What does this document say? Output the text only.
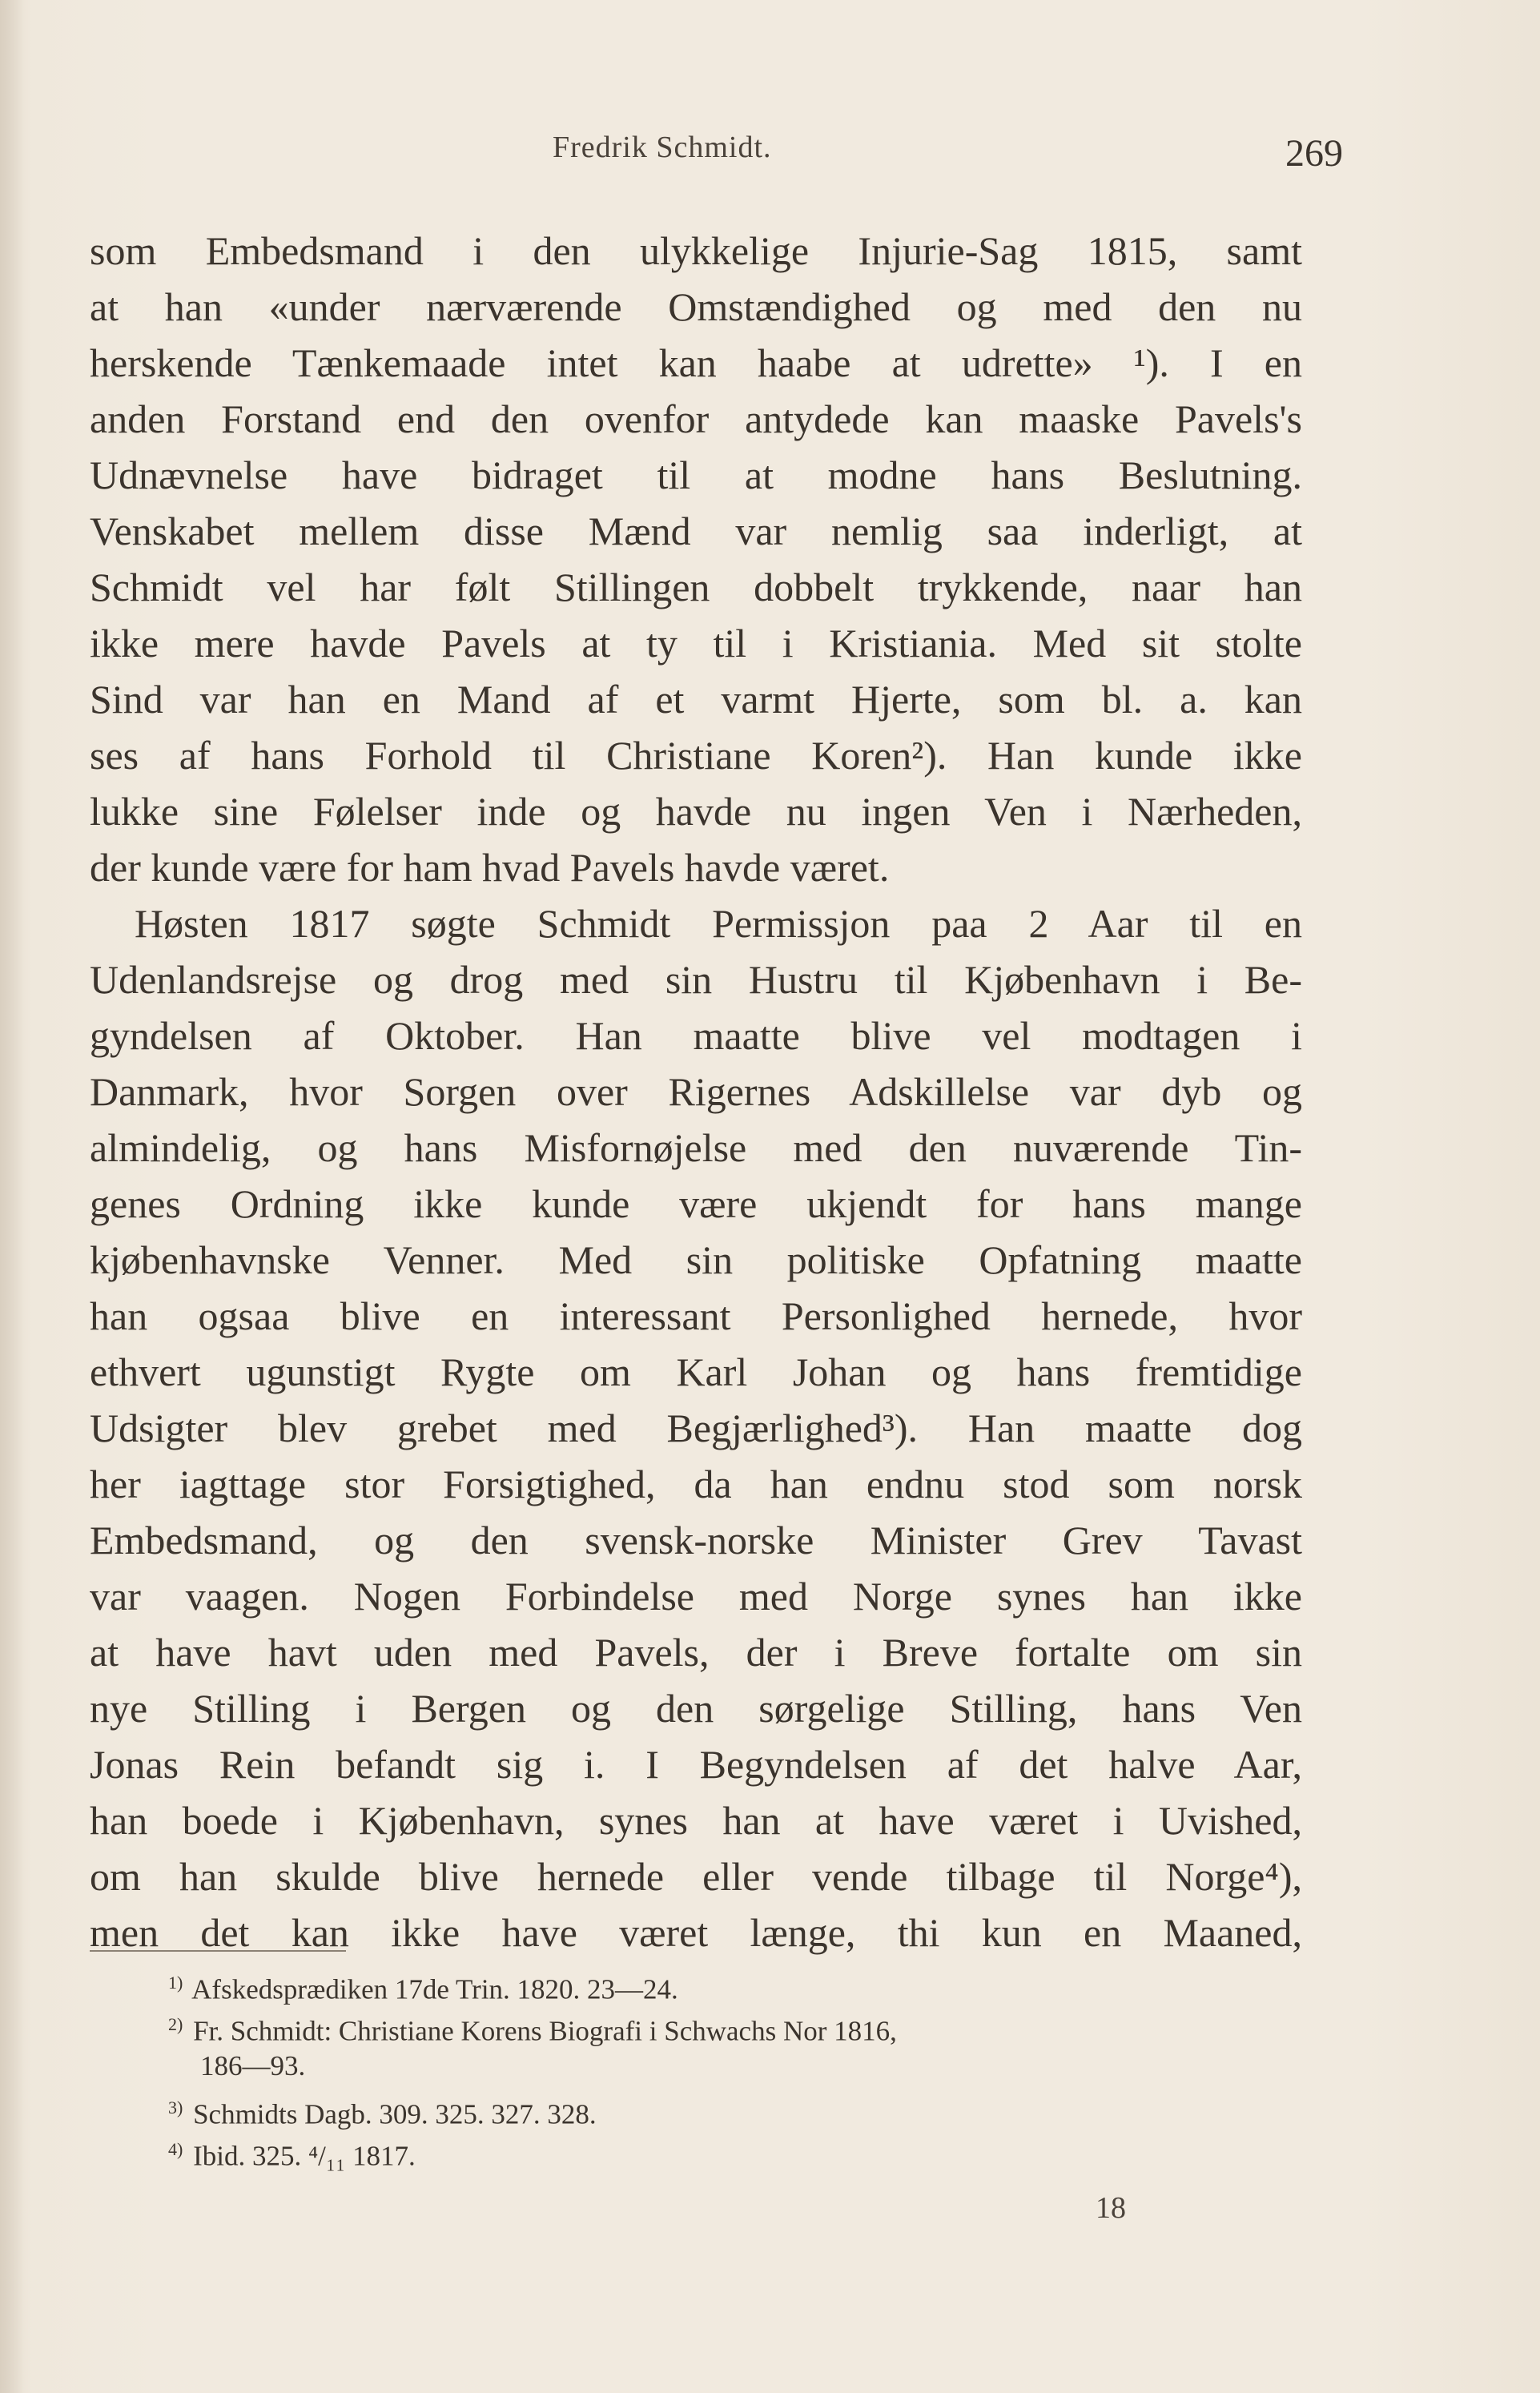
Fredrik Schmidt.	269
som Embedsmand i den ulykkelige Injurie-Sag 1815, samt
at han «under nærværende Omstændighed og med den nu
herskende Tænkemaade intet kan haabe at udrette» ¹). I en
anden Forstand end den ovenfor antydede kan maaske Pavels's
Udnævnelse have bidraget til at modne hans Beslutning.
Venskabet mellem disse Mænd var nemlig saa inderligt, at
Schmidt vel har følt Stillingen dobbelt trykkende, naar han
ikke mere havde Pavels at ty til i Kristiania. Med sit stolte
Sind var han en Mand af et varmt Hjerte, som bl. a. kan
ses af hans Forhold til Christiane Koren²). Han kunde ikke
lukke sine Følelser inde og havde nu ingen Ven i Nærheden,
der kunde være for ham hvad Pavels havde været.
Høsten 1817 søgte Schmidt Permissjon paa 2 Aar til en
Udenlandsrejse og drog med sin Hustru til Kjøbenhavn i Be-
gyndelsen af Oktober. Han maatte blive vel modtagen i
Danmark, hvor Sorgen over Rigernes Adskillelse var dyb og
almindelig, og hans Misfornøjelse med den nuværende Tin-
genes Ordning ikke kunde være ukjendt for hans mange
kjøbenhavnske Venner. Med sin politiske Opfatning maatte
han ogsaa blive en interessant Personlighed hernede, hvor
ethvert ugunstigt Rygte om Karl Johan og hans fremtidige
Udsigter blev grebet med Begjærlighed³). Han maatte dog
her iagttage stor Forsigtighed, da han endnu stod som norsk
Embedsmand, og den svensk-norske Minister Grev Tavast
var vaagen. Nogen Forbindelse med Norge synes han ikke
at have havt uden med Pavels, der i Breve fortalte om sin
nye Stilling i Bergen og den sørgelige Stilling, hans Ven
Jonas Rein befandt sig i. I Begyndelsen af det halve Aar,
han boede i Kjøbenhavn, synes han at have været i Uvished,
om han skulde blive hernede eller vende tilbage til Norge⁴),
men det kan ikke have været længe, thi kun en Maaned,
$^{1)}$ Afskedsprædiken 17de Trin. 1820. 23—24.
$^{2)}$ Fr. Schmidt: Christiane Korens Biografi i Schwachs Nor 1816,
186—93.
$^{3)}$ Schmidts Dagb. 309. 325. 327. 328.
$^{4)}$ Ibid. 325. ⁴/₁₁ 1817.
18
